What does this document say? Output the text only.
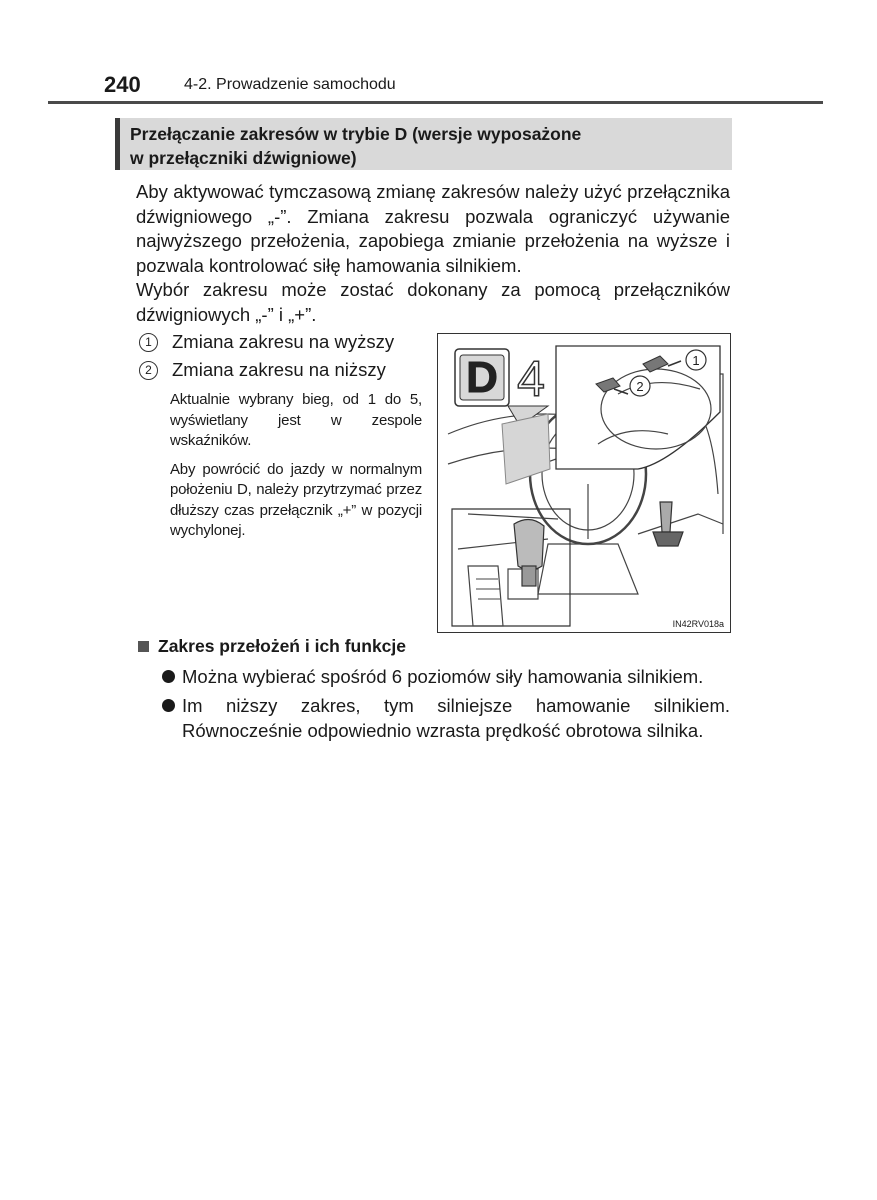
240	4-2. Prowadzenie samochodu
Przełączanie zakresów w trybie D (wersje wyposażone
w przełączniki dźwigniowe)

Aby aktywować tymczasową zmianę zakresów należy użyć przełącznika dźwigniowego „-”. Zmiana zakresu pozwala ograniczyć używanie najwyższego przełożenia, zapobiega zmianie przełożenia na wyższe i pozwala kontrolować siłę hamowania silnikiem.

Wybór zakresu może zostać dokonany za pomocą przełączników dźwigniowych „-” i „+”.

1	Zmiana zakresu na wyższy
2	Zmiana zakresu na niższy
Aktualnie wybrany bieg, od 1 do 5, wyświetlany jest w zespole wskaźników.
Aby powrócić do jazdy w normalnym położeniu D, należy przytrzymać przez dłuższy czas przełącznik „+” w pozycji wychylonej.
D 4	1
2
IN42RV018a
Zakres przełożeń i ich funkcje
Można wybierać spośród 6 poziomów siły hamowania silnikiem.
Im niższy zakres, tym silniejsze hamowanie silnikiem. Równocześnie odpowiednio wzrasta prędkość obrotowa silnika.
